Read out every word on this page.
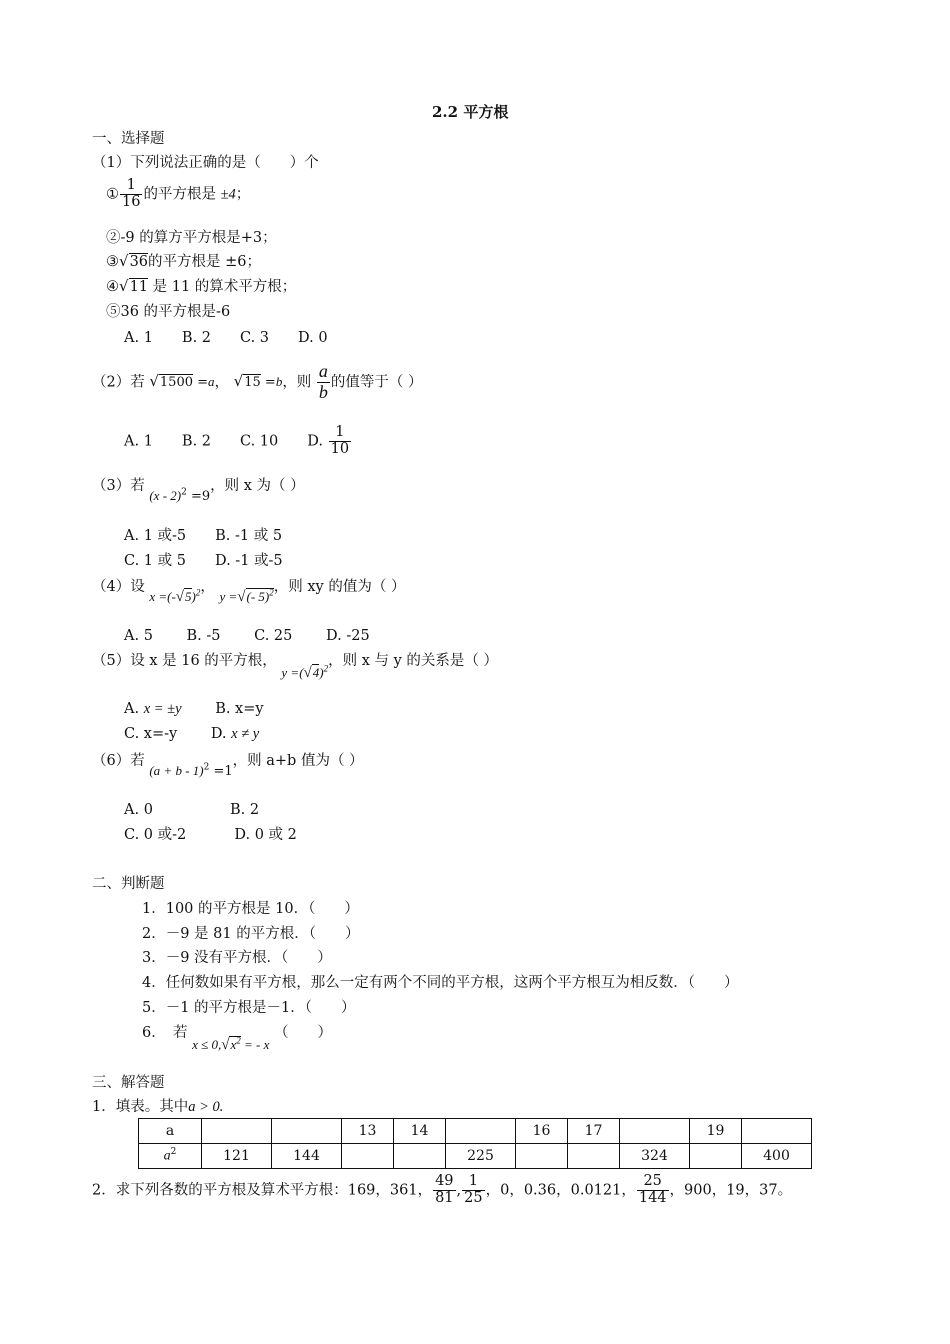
2.2 平方根
一、选择题
（1）下列说法正确的是（　　）个
① $\frac{1}{16}$ 的平方根是 ±4；
②-9 的算方平方根是+3；
③√36的平方根是 ±6；
④√11 是 11 的算术平方根；
⑤36 的平方根是-6
A. 1　　B. 2　　C. 3　　D. 0
（2）若 √1500 =a， √15 =b，则 $\frac{a}{b}$ 的值等于（ ）
A. 1　　B. 2　　C. 10　　D. $\frac{1}{10}$
（3）若 (x - 2)$^2$ =9，则 x 为（ ）
A. 1 或-5　　B. -1 或 5
C. 1 或 5　　D. -1 或-5
（4）设 $x =(-√5)^2$， y =√(- 5)$^2$，则 xy 的值为（ ）
A. 5　　 B. -5　　 C. 25　　 D. -25
（5）设 x 是 16 的平方根， $y =(√4)^2$，则 x 与 y 的关系是（ ）
A. x = ±y　　 B. x=y
C. x=-y　　 D. x ≠ y
（6）若 $(a + b - 1)^2 =1$，则 a+b 值为（ ）
A. 0　　　　　 B. 2
C. 0 或-2　　　 D. 0 或 2
二、判断题
1．100 的平方根是 10．（　　）
2．－9 是 81 的平方根．（　　）
3．－9 没有平方根．（　　）
4．任何数如果有平方根，那么一定有两个不同的平方根，这两个平方根互为相反数．（　　）
5．－1 的平方根是－1．（　　）
6．　若 $x \le 0,√x^2$ = - x （　　）
三、解答题
1．填表。其中a > 0.
a			13	14		16	17		19	
$a^2$	121	144			225			324		400
2．求下列各数的平方根及算术平方根：169，361， $\frac{49}{81}$ , $\frac{1}{25}$ ，0，0.36，0.0121， $\frac{25}{144}$ ，900，19，37。
